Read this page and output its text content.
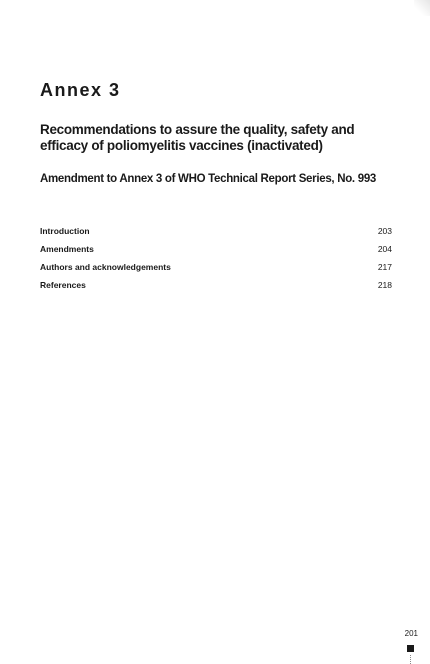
Annex 3
Recommendations to assure the quality, safety and efficacy of poliomyelitis vaccines (inactivated)
Amendment to Annex 3 of WHO Technical Report Series, No. 993
Introduction	203
Amendments	204
Authors and acknowledgements	217
References	218
201
